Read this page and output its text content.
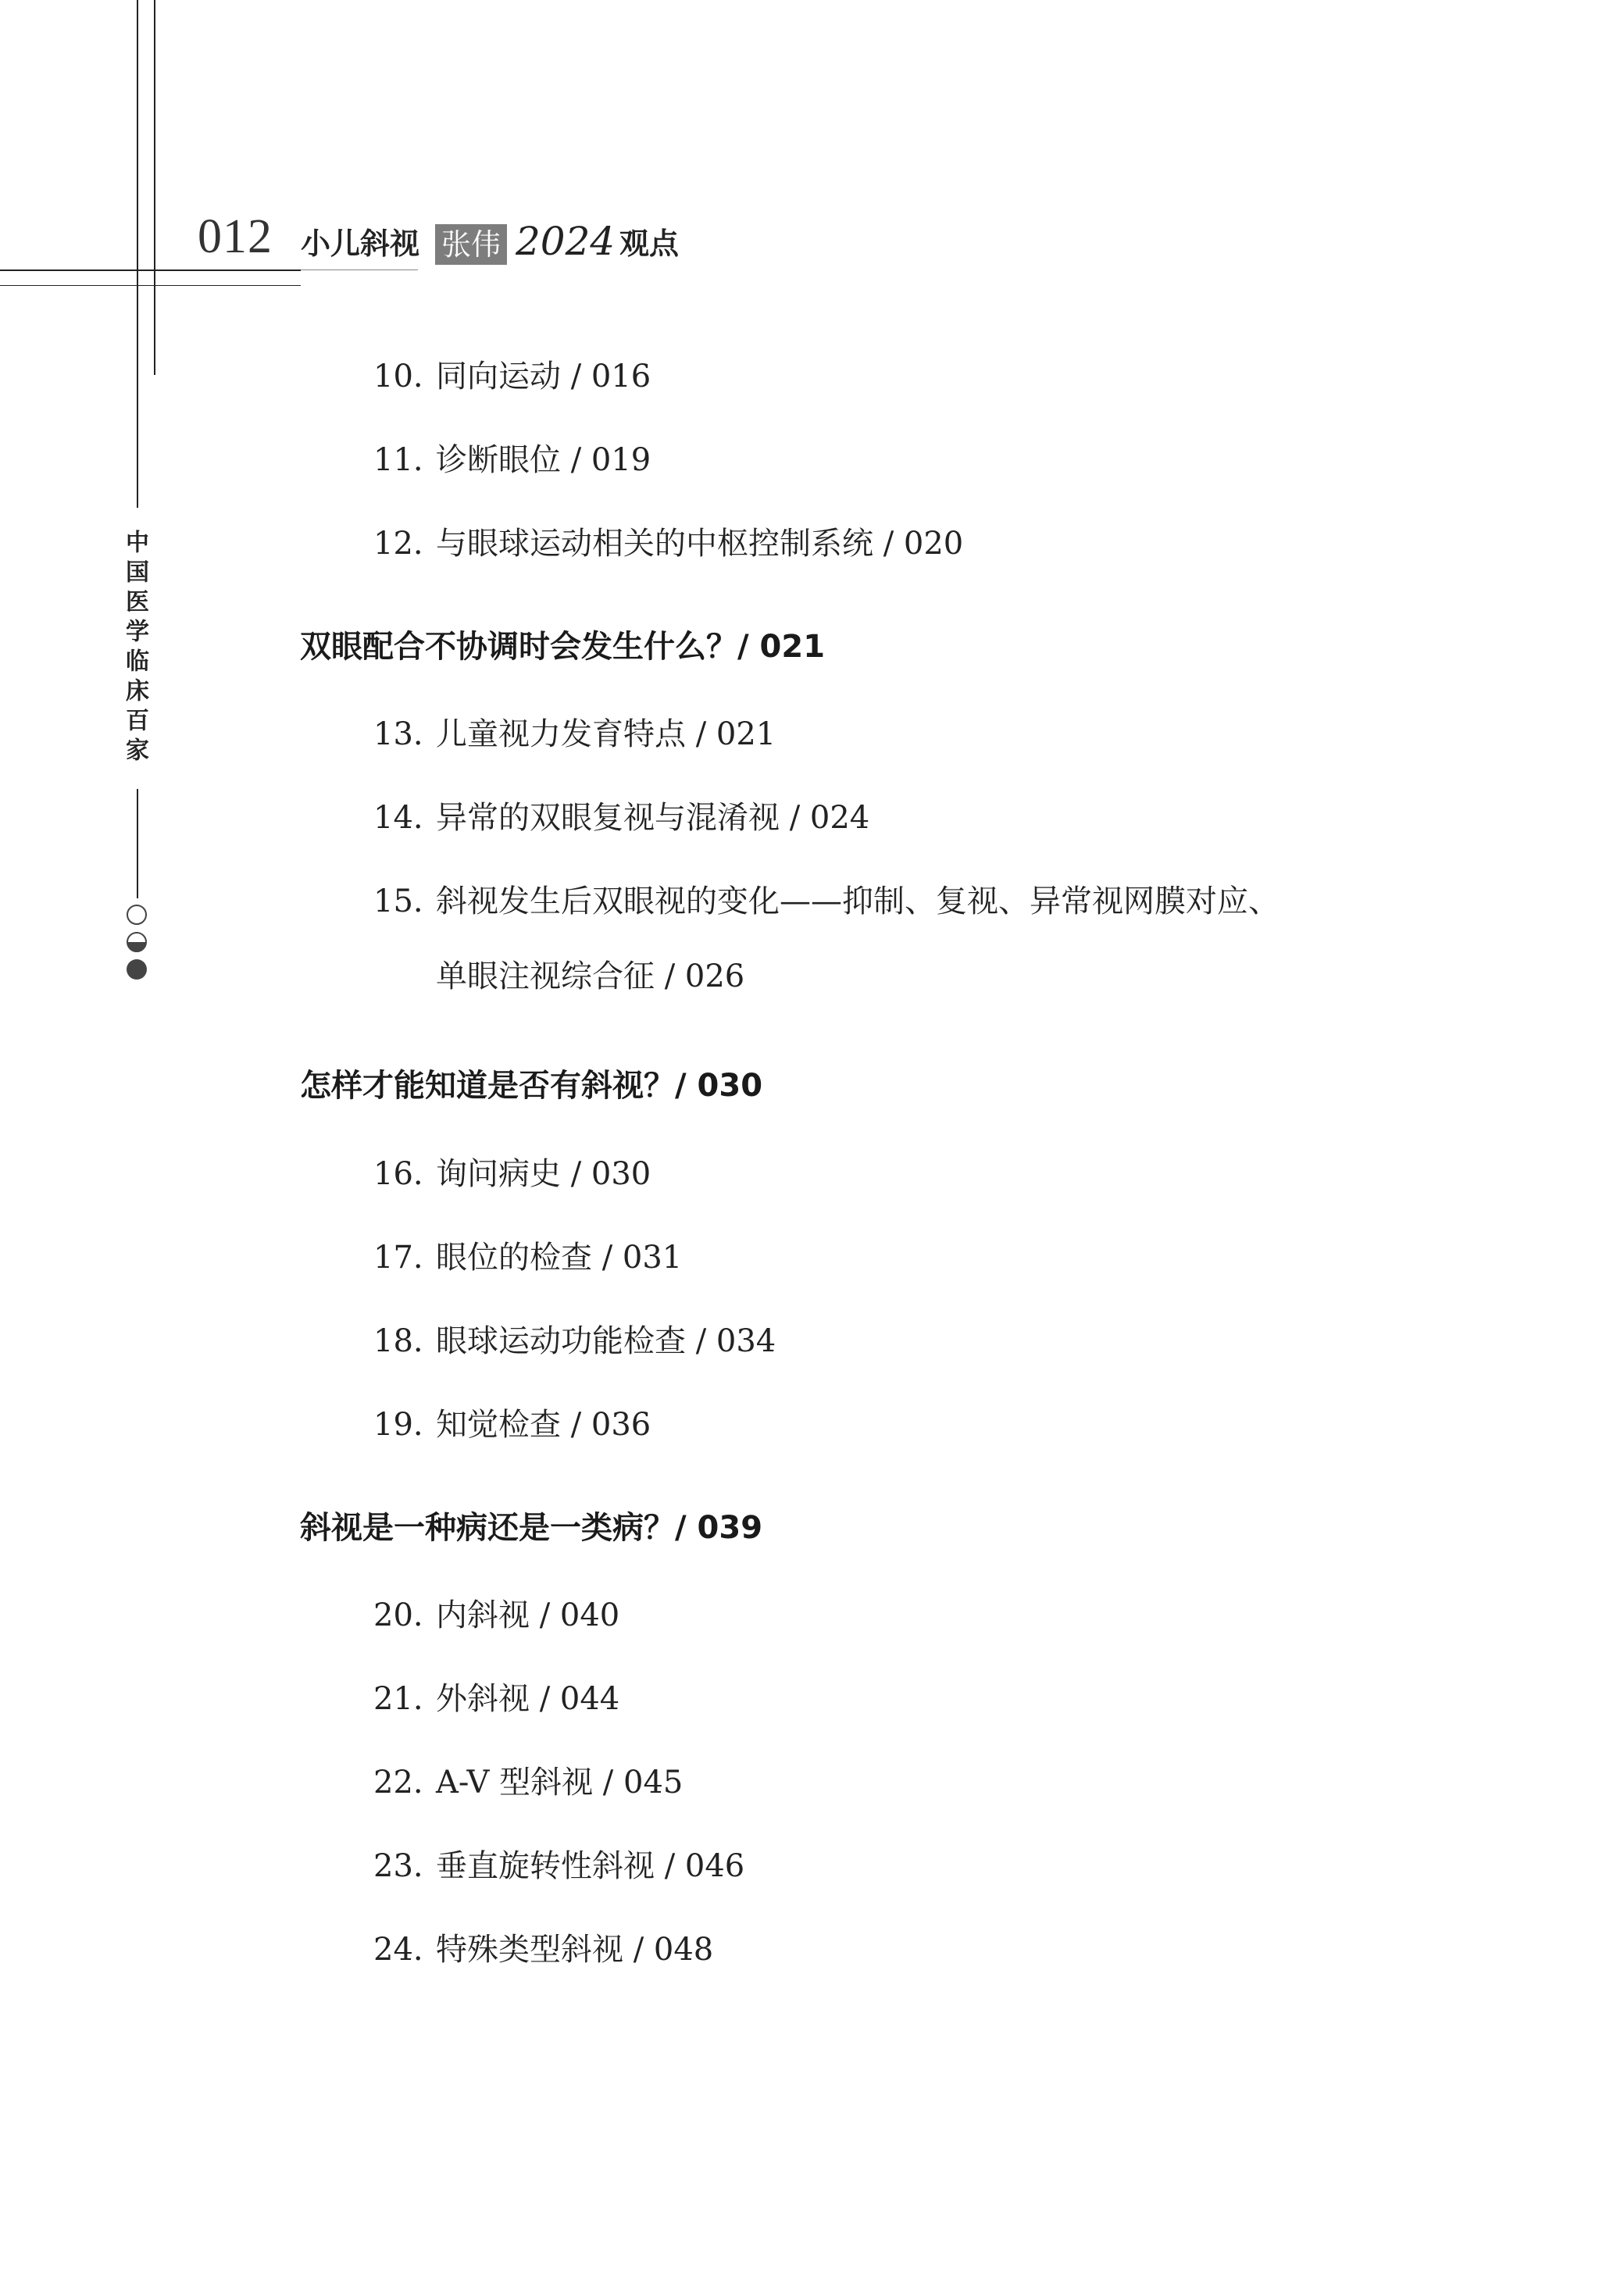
012 小儿斜视 张伟 2024 观点
中国医学临床百家
10. 同向运动 / 016
11. 诊断眼位 / 019
12. 与眼球运动相关的中枢控制系统 / 020
双眼配合不协调时会发生什么？/ 021
13. 儿童视力发育特点 / 021
14. 异常的双眼复视与混淆视 / 024
15. 斜视发生后双眼视的变化——抑制、复视、异常视网膜对应、
单眼注视综合征 / 026
怎样才能知道是否有斜视？/ 030
16. 询问病史 / 030
17. 眼位的检查 / 031
18. 眼球运动功能检查 / 034
19. 知觉检查 / 036
斜视是一种病还是一类病？/ 039
20. 内斜视 / 040
21. 外斜视 / 044
22. A-V 型斜视 / 045
23. 垂直旋转性斜视 / 046
24. 特殊类型斜视 / 048
